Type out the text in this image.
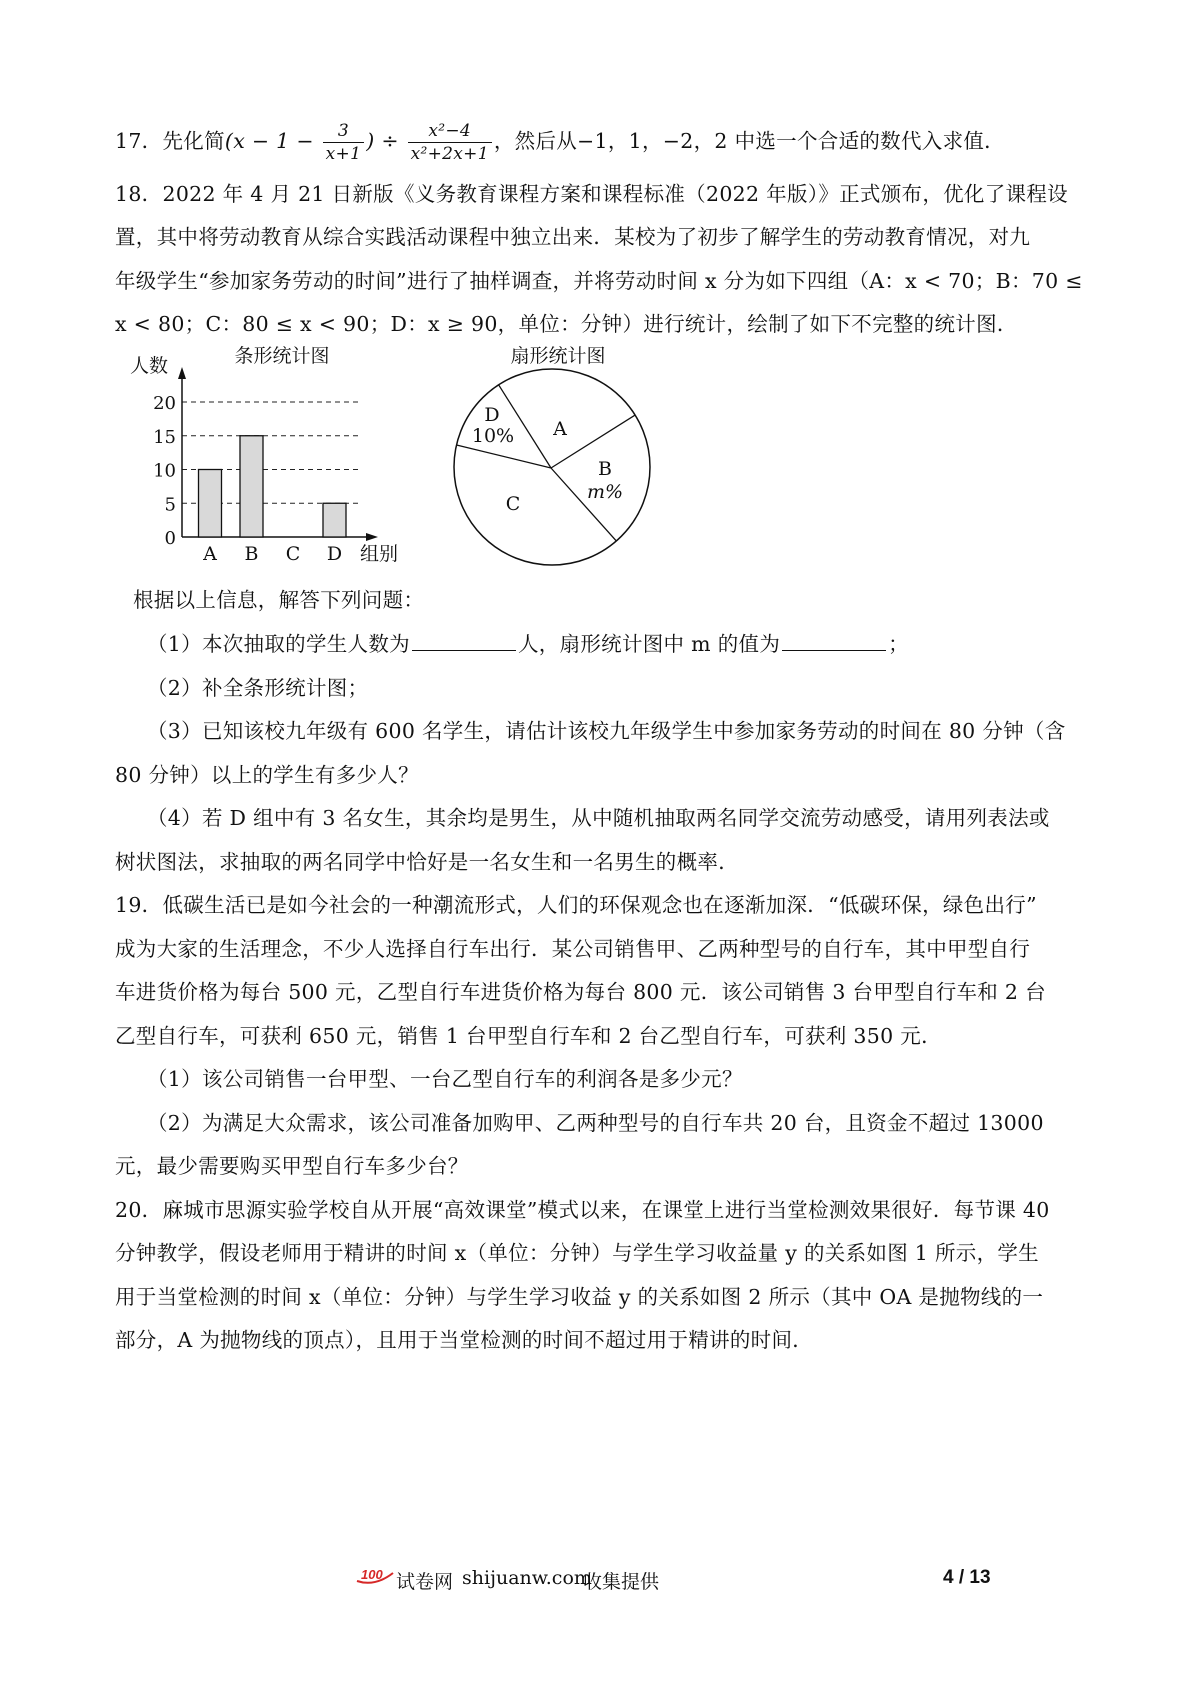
17．先化简($x - 1 - \frac{3}{x+1}$ ) ÷ $\frac{\text{x²−4}}{\text{x²+2x+1}}$ ，然后从−1，1，−2，2 中选一个合适的数代入求值．
18．2022 年 4 月 21 日新版《义务教育课程方案和课程标准（2022 年版）》正式颁布，优化了课程设
置，其中将劳动教育从综合实践活动课程中独立出来．某校为了初步了解学生的劳动教育情况，对九
年级学生“参加家务劳动的时间”进行了抽样调查，并将劳动时间 x 分为如下四组（A：x < 70；B：70 ≤
x < 80；C：80 ≤ x < 90；D：x ≥ 90，单位：分钟）进行统计，绘制了如下不完整的统计图．
条形统计图
人数
组别
0
5
10
15
20
A B C D
扇形统计图
A
B
m%
C
D
10%
根据以上信息，解答下列问题：
（1）本次抽取的学生人数为	人，扇形统计图中 m 的值为	；
（2）补全条形统计图；
（3）已知该校九年级有 600 名学生，请估计该校九年级学生中参加家务劳动的时间在 80 分钟（含
80 分钟）以上的学生有多少人？
（4）若 D 组中有 3 名女生，其余均是男生，从中随机抽取两名同学交流劳动感受，请用列表法或
树状图法，求抽取的两名同学中恰好是一名女生和一名男生的概率．
19．低碳生活已是如今社会的一种潮流形式，人们的环保观念也在逐渐加深．“低碳环保，绿色出行”
成为大家的生活理念，不少人选择自行车出行．某公司销售甲、乙两种型号的自行车，其中甲型自行
车进货价格为每台 500 元，乙型自行车进货价格为每台 800 元．该公司销售 3 台甲型自行车和 2 台
乙型自行车，可获利 650 元，销售 1 台甲型自行车和 2 台乙型自行车，可获利 350 元．
（1）该公司销售一台甲型、一台乙型自行车的利润各是多少元？
（2）为满足大众需求，该公司准备加购甲、乙两种型号的自行车共 20 台，且资金不超过 13000
元，最少需要购买甲型自行车多少台？
20．麻城市思源实验学校自从开展“高效课堂”模式以来，在课堂上进行当堂检测效果很好．每节课 40
分钟教学，假设老师用于精讲的时间 x（单位：分钟）与学生学习收益量 y 的关系如图 1 所示，学生
用于当堂检测的时间 x（单位：分钟）与学生学习收益 y 的关系如图 2 所示（其中 OA 是抛物线的一
部分，A 为抛物线的顶点），且用于当堂检测的时间不超过用于精讲的时间．
100 试卷网 shijuanw.com
收集提供	4 / 13
